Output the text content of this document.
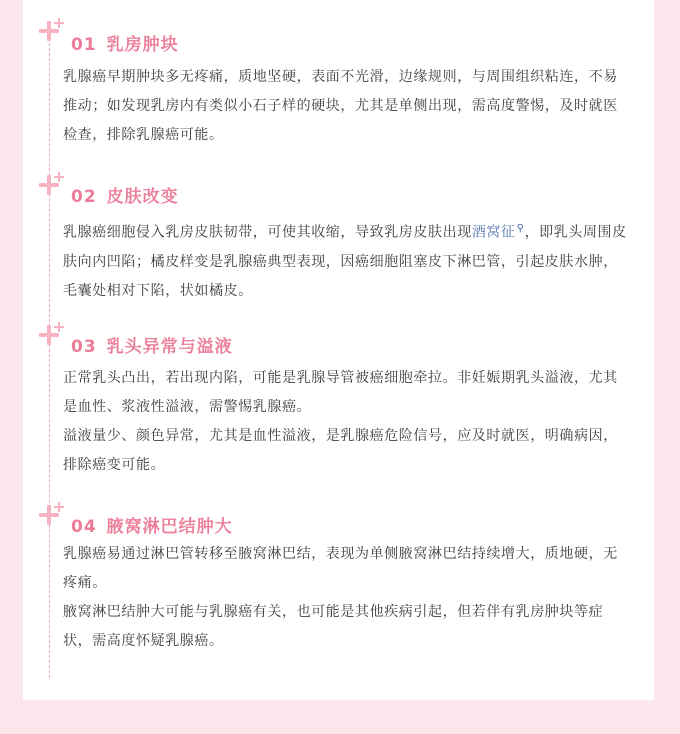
01 乳房肿块

乳腺癌早期肿块多无疼痛，质地坚硬，表面不光滑，边缘规则，与周围组织粘连，不易推动；如发现乳房内有类似小石子样的硬块，尤其是单侧出现，需高度警惕，及时就医检查，排除乳腺癌可能。

02 皮肤改变

乳腺癌细胞侵入乳房皮肤韧带，可使其收缩，导致乳房皮肤出现酒窝征⚲，即乳头周围皮肤向内凹陷；橘皮样变是乳腺癌典型表现，因癌细胞阻塞皮下淋巴管，引起皮肤水肿，毛囊处相对下陷，状如橘皮。

03 乳头异常与溢液

正常乳头凸出，若出现内陷，可能是乳腺导管被癌细胞牵拉。非妊娠期乳头溢液，尤其是血性、浆液性溢液，需警惕乳腺癌。

溢液量少、颜色异常，尤其是血性溢液，是乳腺癌危险信号，应及时就医，明确病因，排除癌变可能。

04 腋窝淋巴结肿大

乳腺癌易通过淋巴管转移至腋窝淋巴结，表现为单侧腋窝淋巴结持续增大，质地硬，无疼痛。

腋窝淋巴结肿大可能与乳腺癌有关，也可能是其他疾病引起，但若伴有乳房肿块等症状，需高度怀疑乳腺癌。
